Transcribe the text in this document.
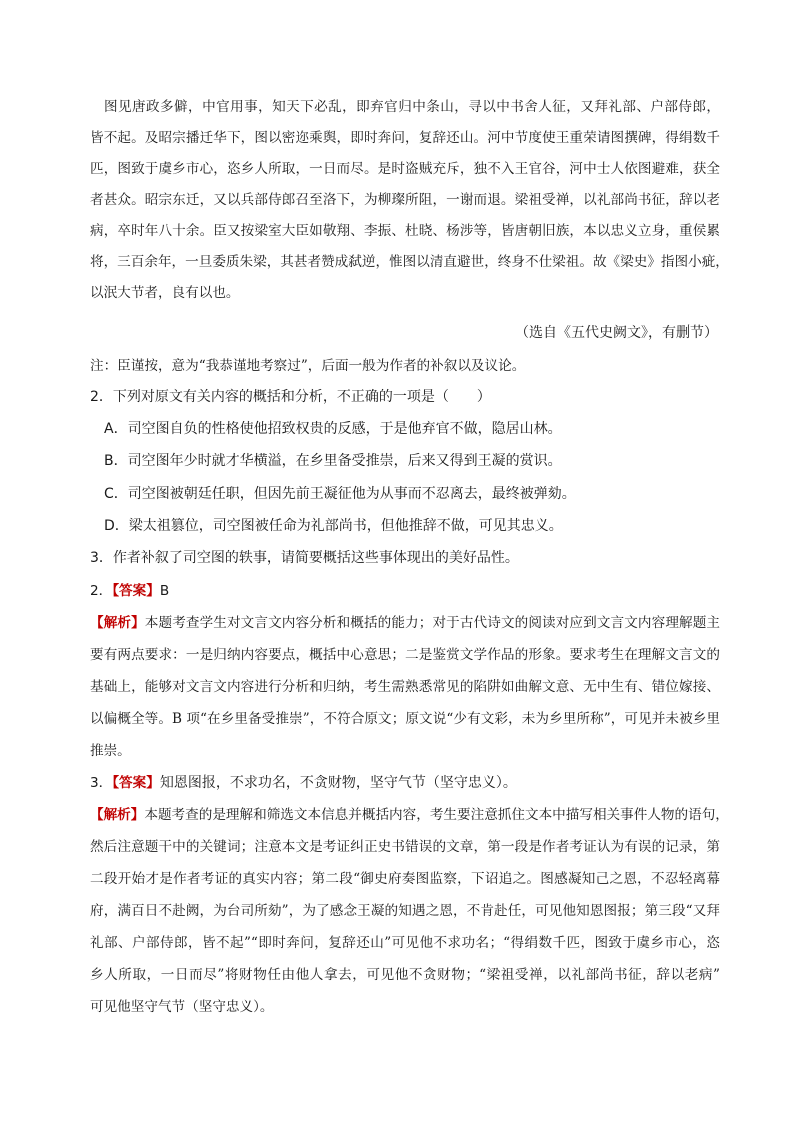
图见唐政多僻，中官用事，知天下必乱，即弃官归中条山，寻以中书舍人征，又拜礼部、户部侍郎，
皆不起。及昭宗播迁华下，图以密迩乘舆，即时奔问，复辞还山。河中节度使王重荣请图撰碑，得绢数千
匹，图致于虞乡市心，恣乡人所取，一日而尽。是时盗贼充斥，独不入王官谷，河中士人依图避难，获全
者甚众。昭宗东迁，又以兵部侍郎召至洛下，为柳璨所阻，一谢而退。梁祖受禅，以礼部尚书征，辞以老
病，卒时年八十余。臣又按梁室大臣如敬翔、李振、杜晓、杨涉等，皆唐朝旧族，本以忠义立身，重侯累
将，三百余年，一旦委质朱梁，其甚者赞成弑逆，惟图以清直避世，终身不仕梁祖。故《梁史》指图小疵，
以泯大节者，良有以也。
（选自《五代史阙文》，有删节）
注：臣谨按，意为“我恭谨地考察过”，后面一般为作者的补叙以及议论。
2．下列对原文有关内容的概括和分析，不正确的一项是（　　）
A．司空图自负的性格使他招致权贵的反感，于是他弃官不做，隐居山林。
B．司空图年少时就才华横溢，在乡里备受推崇，后来又得到王凝的赏识。
C．司空图被朝廷任职，但因先前王凝征他为从事而不忍离去，最终被弹劾。
D．梁太祖篡位，司空图被任命为礼部尚书，但他推辞不做，可见其忠义。
3．作者补叙了司空图的轶事，请简要概括这些事体现出的美好品性。
2．【答案】B
【解析】本题考查学生对文言文内容分析和概括的能力；对于古代诗文的阅读对应到文言文内容理解题主
要有两点要求：一是归纳内容要点，概括中心意思；二是鉴赏文学作品的形象。要求考生在理解文言文的
基础上，能够对文言文内容进行分析和归纳，考生需熟悉常见的陷阱如曲解文意、无中生有、错位嫁接、
以偏概全等。B 项“在乡里备受推崇”，不符合原文；原文说“少有文彩，未为乡里所称”，可见并未被乡里
推崇。
3．【答案】知恩图报，不求功名，不贪财物，坚守气节（坚守忠义）。
【解析】本题考查的是理解和筛选文本信息并概括内容，考生要注意抓住文本中描写相关事件人物的语句，
然后注意题干中的关键词；注意本文是考证纠正史书错误的文章，第一段是作者考证认为有误的记录，第
二段开始才是作者考证的真实内容；第二段“御史府奏图监察，下诏追之。图感凝知己之恩，不忍轻离幕
府，满百日不赴阙，为台司所劾”，为了感念王凝的知遇之恩，不肯赴任，可见他知恩图报；第三段“又拜
礼部、户部侍郎，皆不起”“即时奔问，复辞还山”可见他不求功名；“得绢数千匹，图致于虞乡市心，恣
乡人所取，一日而尽”将财物任由他人拿去，可见他不贪财物；“梁祖受禅，以礼部尚书征，辞以老病”
可见他坚守气节（坚守忠义）。
